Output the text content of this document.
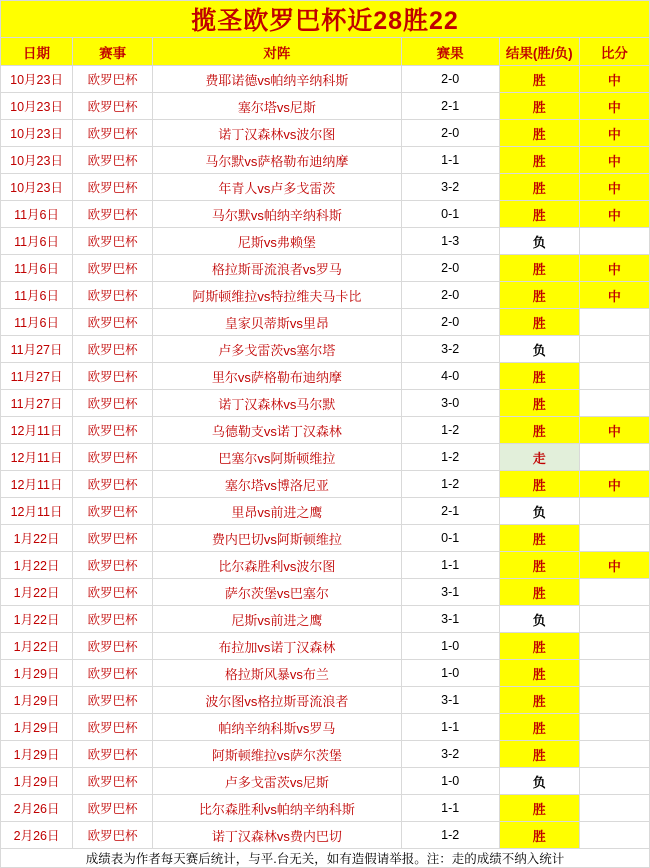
揽圣欧罗巴杯近28胜22
日期	赛事	对阵	赛果	结果(胜/负)	比分
10月23日	欧罗巴杯	费耶诺德vs帕纳辛纳科斯	2-0	胜	中
10月23日	欧罗巴杯	塞尔塔vs尼斯	2-1	胜	中
10月23日	欧罗巴杯	诺丁汉森林vs波尔图	2-0	胜	中
10月23日	欧罗巴杯	马尔默vs萨格勒布迪纳摩	1-1	胜	中
10月23日	欧罗巴杯	年青人vs卢多戈雷茨	3-2	胜	中
11月6日	欧罗巴杯	马尔默vs帕纳辛纳科斯	0-1	胜	中
11月6日	欧罗巴杯	尼斯vs弗赖堡	1-3	负	
11月6日	欧罗巴杯	格拉斯哥流浪者vs罗马	2-0	胜	中
11月6日	欧罗巴杯	阿斯顿维拉vs特拉维夫马卡比	2-0	胜	中
11月6日	欧罗巴杯	皇家贝蒂斯vs里昂	2-0	胜	
11月27日	欧罗巴杯	卢多戈雷茨vs塞尔塔	3-2	负	
11月27日	欧罗巴杯	里尔vs萨格勒布迪纳摩	4-0	胜	
11月27日	欧罗巴杯	诺丁汉森林vs马尔默	3-0	胜	
12月11日	欧罗巴杯	乌德勒支vs诺丁汉森林	1-2	胜	中
12月11日	欧罗巴杯	巴塞尔vs阿斯顿维拉	1-2	走	
12月11日	欧罗巴杯	塞尔塔vs博洛尼亚	1-2	胜	中
12月11日	欧罗巴杯	里昂vs前进之鹰	2-1	负	
1月22日	欧罗巴杯	费内巴切vs阿斯顿维拉	0-1	胜	
1月22日	欧罗巴杯	比尔森胜利vs波尔图	1-1	胜	中
1月22日	欧罗巴杯	萨尔茨堡vs巴塞尔	3-1	胜	
1月22日	欧罗巴杯	尼斯vs前进之鹰	3-1	负	
1月22日	欧罗巴杯	布拉加vs诺丁汉森林	1-0	胜	
1月29日	欧罗巴杯	格拉斯风暴vs布兰	1-0	胜	
1月29日	欧罗巴杯	波尔图vs格拉斯哥流浪者	3-1	胜	
1月29日	欧罗巴杯	帕纳辛纳科斯vs罗马	1-1	胜	
1月29日	欧罗巴杯	阿斯顿维拉vs萨尔茨堡	3-2	胜	
1月29日	欧罗巴杯	卢多戈雷茨vs尼斯	1-0	负	
2月26日	欧罗巴杯	比尔森胜利vs帕纳辛纳科斯	1-1	胜	
2月26日	欧罗巴杯	诺丁汉森林vs费内巴切	1-2	胜	
成绩表为作者每天赛后统计，与平.台无关，如有造假请举报。注：走的成绩不纳入统计
